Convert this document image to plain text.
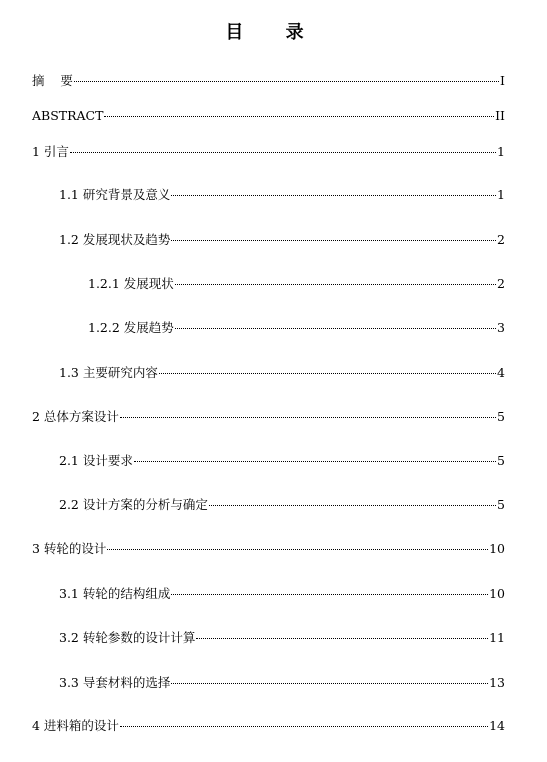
目 录
摘    要	I
ABSTRACT	II
1 引言	1
1.1 研究背景及意义	1
1.2 发展现状及趋势	2
1.2.1 发展现状	2
1.2.2 发展趋势	3
1.3 主要研究内容	4
2 总体方案设计	5
2.1 设计要求	5
2.2 设计方案的分析与确定	5
3 转轮的设计	10
3.1 转轮的结构组成	10
3.2 转轮参数的设计计算	11
3.3 导套材料的选择	13
4 进料箱的设计	14
